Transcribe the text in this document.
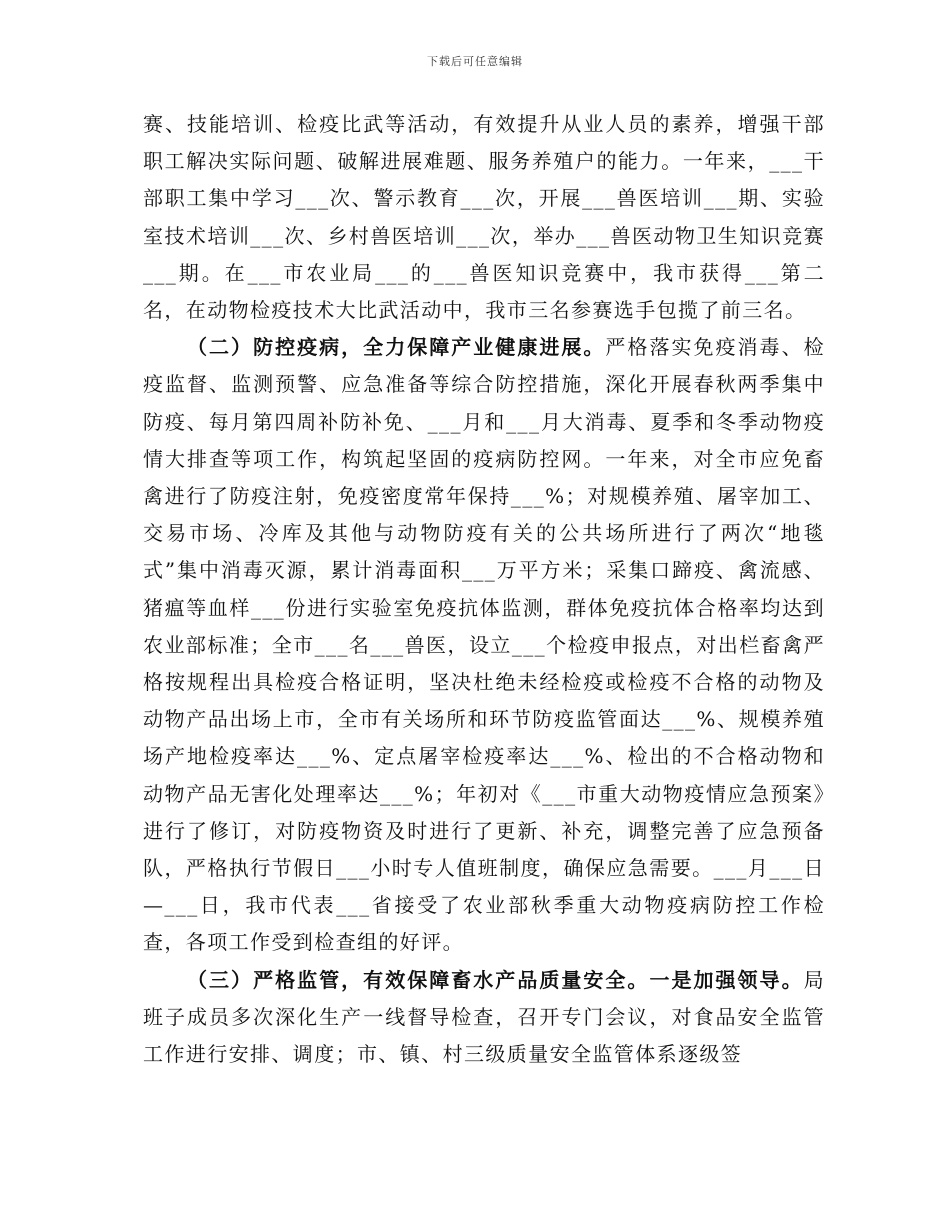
下载后可任意编辑

赛、技能培训、检疫比武等活动，有效提升从业人员的素养，增强干部职工解决实际问题、破解进展难题、服务养殖户的能力。一年来，___干部职工集中学习___次、警示教育___次，开展___兽医培训___期、实验室技术培训___次、乡村兽医培训___次，举办___兽医动物卫生知识竞赛___期。在___市农业局___的___兽医知识竞赛中，我市获得___第二名，在动物检疫技术大比武活动中，我市三名参赛选手包揽了前三名。

（二）防控疫病，全力保障产业健康进展。严格落实免疫消毒、检疫监督、监测预警、应急准备等综合防控措施，深化开展春秋两季集中防疫、每月第四周补防补免、___月和___月大消毒、夏季和冬季动物疫情大排查等项工作，构筑起坚固的疫病防控网。一年来，对全市应免畜禽进行了防疫注射，免疫密度常年保持___%；对规模养殖、屠宰加工、交易市场、冷库及其他与动物防疫有关的公共场所进行了两次“地毯式”集中消毒灭源，累计消毒面积___万平方米；采集口蹄疫、禽流感、猪瘟等血样___份进行实验室免疫抗体监测，群体免疫抗体合格率均达到农业部标准；全市___名___兽医，设立___个检疫申报点，对出栏畜禽严格按规程出具检疫合格证明，坚决杜绝未经检疫或检疫不合格的动物及动物产品出场上市，全市有关场所和环节防疫监管面达___%、规模养殖场产地检疫率达___%、定点屠宰检疫率达___%、检出的不合格动物和动物产品无害化处理率达___%；年初对《___市重大动物疫情应急预案》进行了修订，对防疫物资及时进行了更新、补充，调整完善了应急预备队，严格执行节假日___小时专人值班制度，确保应急需要。___月___日—___日，我市代表___省接受了农业部秋季重大动物疫病防控工作检查，各项工作受到检查组的好评。

（三）严格监管，有效保障畜水产品质量安全。一是加强领导。局班子成员多次深化生产一线督导检查，召开专门会议，对食品安全监管工作进行安排、调度；市、镇、村三级质量安全监管体系逐级签
